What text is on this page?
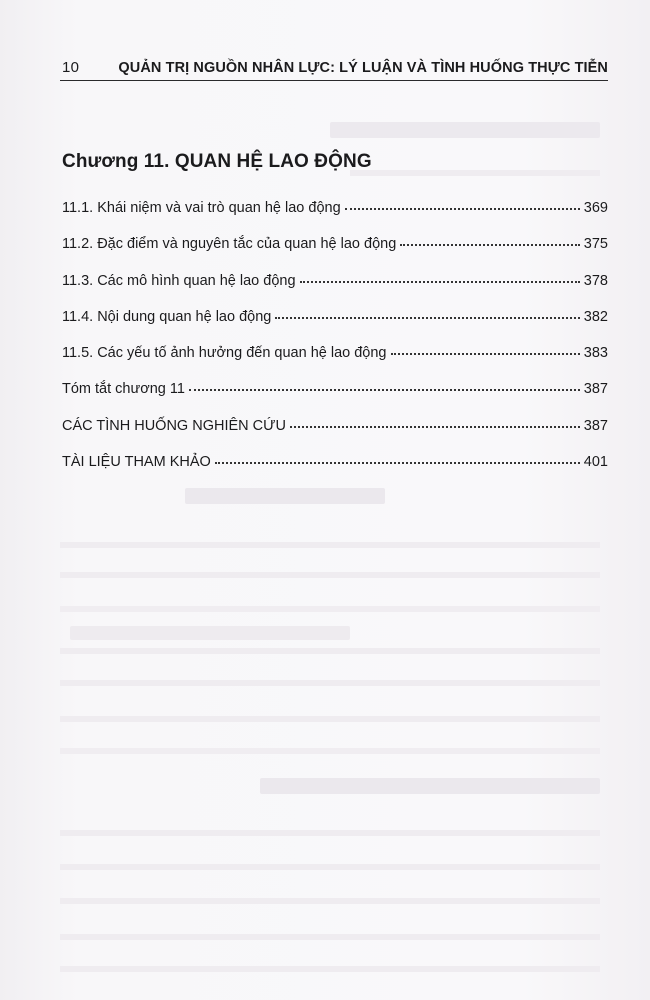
10	QUẢN TRỊ NGUỒN NHÂN LỰC: LÝ LUẬN VÀ TÌNH HUỐNG THỰC TIỄN
Chương 11. QUAN HỆ LAO ĐỘNG
11.1. Khái niệm và vai trò quan hệ lao động	369
11.2. Đặc điểm và nguyên tắc của quan hệ lao động	375
11.3. Các mô hình quan hệ lao động	378
11.4. Nội dung quan hệ lao động	382
11.5. Các yếu tố ảnh hưởng đến quan hệ lao động	383
Tóm tắt chương 11	387
CÁC TÌNH HUỐNG NGHIÊN CỨU	387
TÀI LIỆU THAM KHẢO	401
